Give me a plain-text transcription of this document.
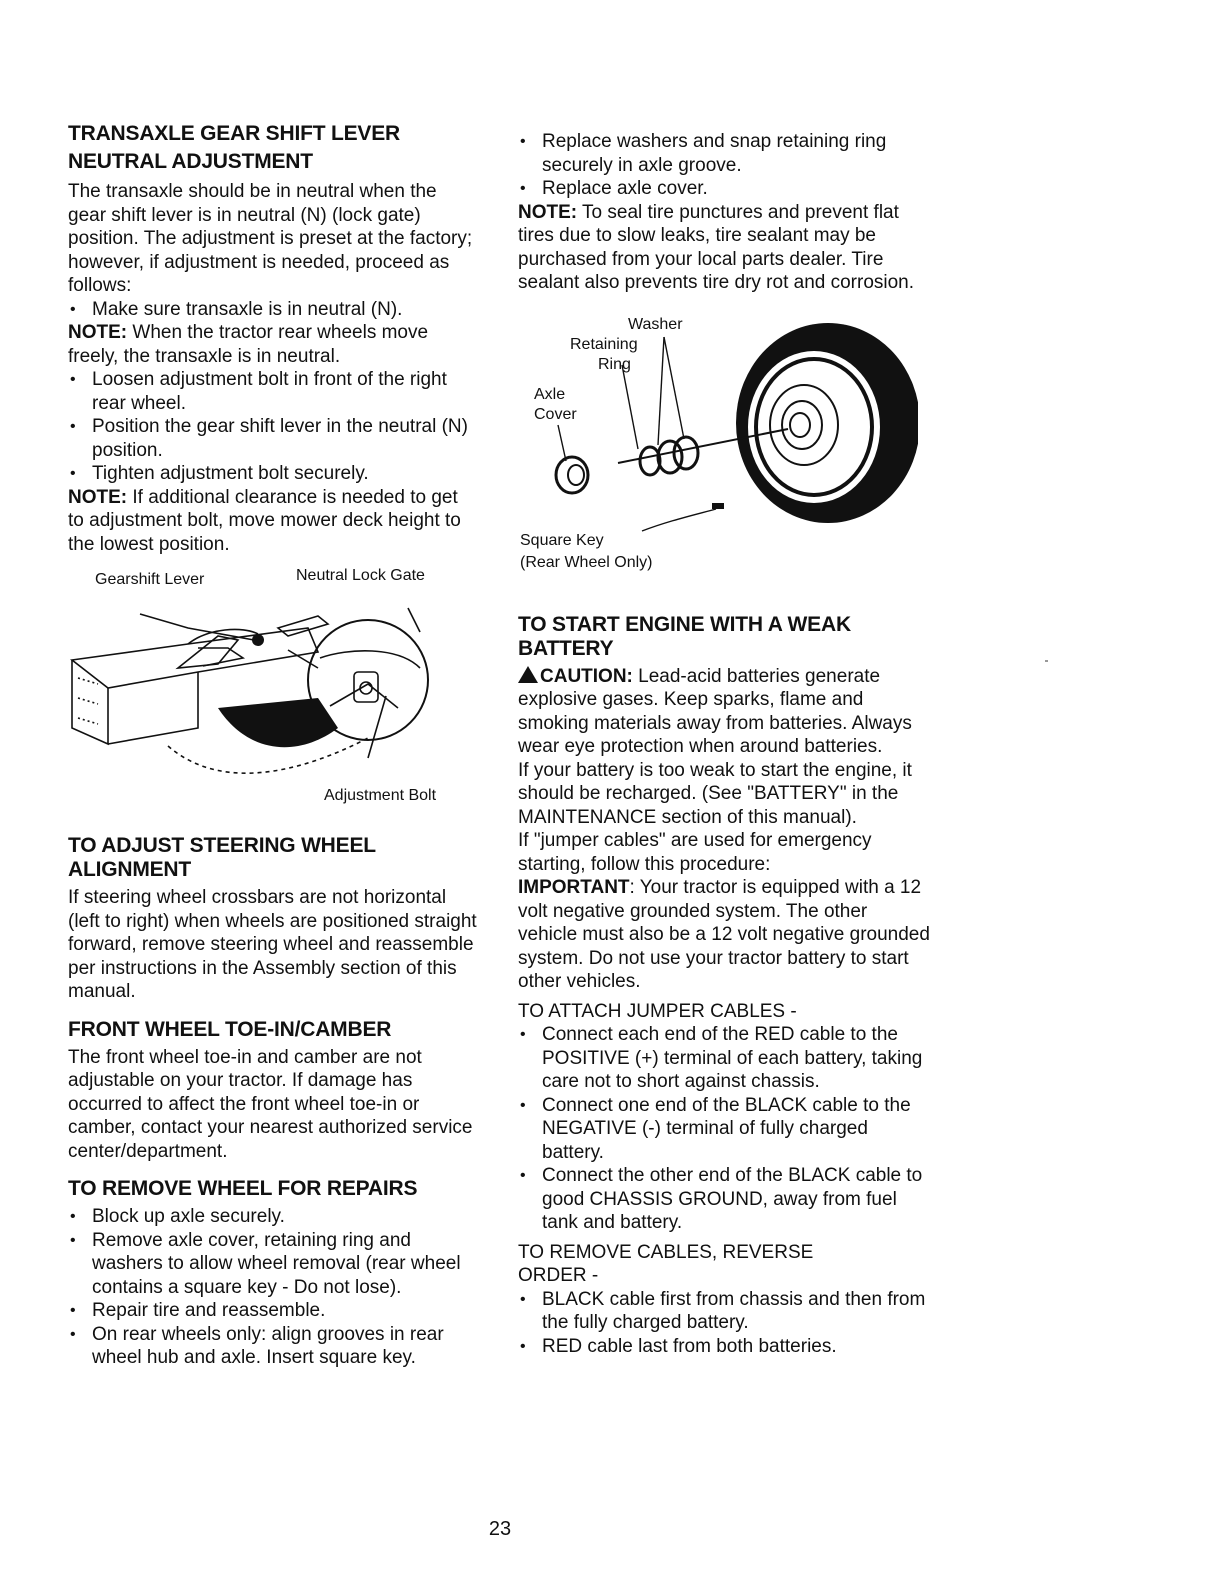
TRANSAXLE GEAR SHIFT LEVER NEUTRAL ADJUSTMENT

The transaxle should be in neutral when the gear shift lever is in neutral (N) (lock gate) position. The adjustment is preset at the factory; however, if adjustment is needed, proceed as follows:

• Make sure transaxle is in neutral (N).

NOTE: When the tractor rear wheels move freely, the transaxle is in neutral.

• Loosen adjustment bolt in front of the right rear wheel.
• Position the gear shift lever in the neutral (N) position.
• Tighten adjustment bolt securely.

NOTE: If additional clearance is needed to get to adjustment bolt, move mower deck height to the lowest position.

Gearshift Lever	Neutral Lock Gate
Adjustment Bolt
TO ADJUST STEERING WHEEL ALIGNMENT

If steering wheel crossbars are not horizontal (left to right) when wheels are positioned straight forward, remove steering wheel and reassemble per instructions in the Assembly section of this manual.

FRONT WHEEL TOE-IN/CAMBER

The front wheel toe-in and camber are not adjustable on your tractor. If damage has occurred to affect the front wheel toe-in or camber, contact your nearest authorized service center/department.

TO REMOVE WHEEL FOR REPAIRS
• Block up axle securely.
• Remove axle cover, retaining ring and washers to allow wheel removal (rear wheel contains a square key - Do not lose).
• Repair tire and reassemble.
• On rear wheels only: align grooves in rear wheel hub and axle. Insert square key.
• Replace washers and snap retaining ring securely in axle groove.
• Replace axle cover.

NOTE: To seal tire punctures and prevent flat tires due to slow leaks, tire sealant may be purchased from your local parts dealer. Tire sealant also prevents tire dry rot and corrosion.

Washer
Retaining
Ring
Axle
Cover
Square Key
(Rear Wheel Only)
TO START ENGINE WITH A WEAK BATTERY

CAUTION: Lead-acid batteries generate explosive gases. Keep sparks, flame and smoking materials away from batteries. Always wear eye protection when around batteries.

If your battery is too weak to start the engine, it should be recharged. (See "BATTERY" in the MAINTENANCE section of this manual).

If "jumper cables" are used for emergency starting, follow this procedure:

IMPORTANT: Your tractor is equipped with a 12 volt negative grounded system. The other vehicle must also be a 12 volt negative grounded system. Do not use your tractor battery to start other vehicles.

TO ATTACH JUMPER CABLES -

• Connect each end of the RED cable to the POSITIVE (+) terminal of each battery, taking care not to short against chassis.
• Connect one end of the BLACK cable to the NEGATIVE (-) terminal of fully charged battery.
• Connect the other end of the BLACK cable to good CHASSIS GROUND, away from fuel tank and battery.

TO REMOVE CABLES, REVERSE ORDER -

• BLACK cable first from chassis and then from the fully charged battery.
• RED cable last from both batteries.
23
